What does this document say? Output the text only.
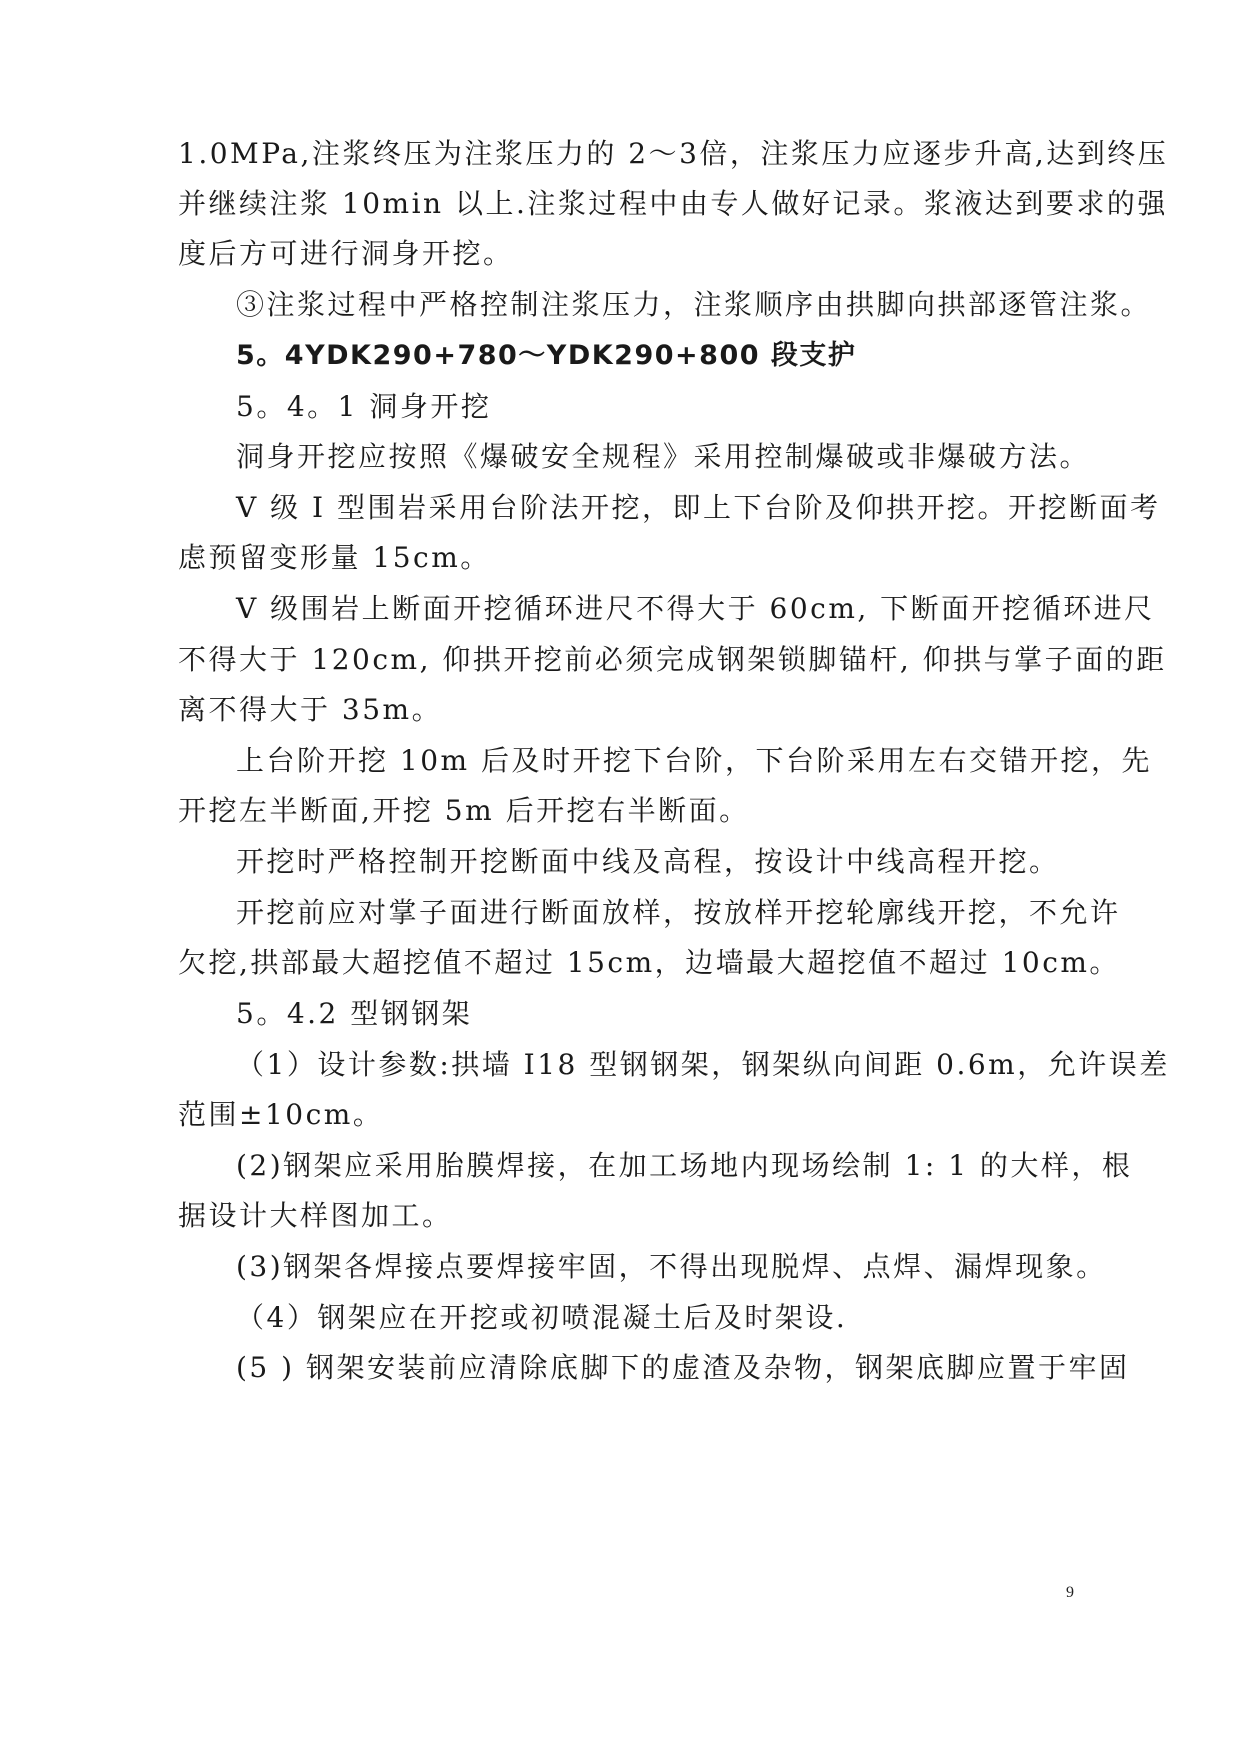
1.0MPa,注浆终压为注浆压力的 2～3倍，注浆压力应逐步升高,达到终压
并继续注浆 10min 以上.注浆过程中由专人做好记录。浆液达到要求的强
度后方可进行洞身开挖。
③注浆过程中严格控制注浆压力，注浆顺序由拱脚向拱部逐管注浆。
5。4YDK290+780～YDK290+800 段支护
5。4。1 洞身开挖
洞身开挖应按照《爆破安全规程》采用控制爆破或非爆破方法。
V 级 I 型围岩采用台阶法开挖，即上下台阶及仰拱开挖。开挖断面考
虑预留变形量 15cm。
V 级围岩上断面开挖循环进尺不得大于 60cm, 下断面开挖循环进尺
不得大于 120cm, 仰拱开挖前必须完成钢架锁脚锚杆, 仰拱与掌子面的距
离不得大于 35m。
上台阶开挖 10m 后及时开挖下台阶，下台阶采用左右交错开挖，先
开挖左半断面,开挖 5m 后开挖右半断面。
开挖时严格控制开挖断面中线及高程，按设计中线高程开挖。
开挖前应对掌子面进行断面放样，按放样开挖轮廓线开挖，不允许
欠挖,拱部最大超挖值不超过 15cm，边墙最大超挖值不超过 10cm。
5。4.2 型钢钢架
（1）设计参数:拱墙 I18 型钢钢架，钢架纵向间距 0.6m，允许误差
范围±10cm。
(2)钢架应采用胎膜焊接，在加工场地内现场绘制 1: 1 的大样，根
据设计大样图加工。
(3)钢架各焊接点要焊接牢固，不得出现脱焊、点焊、漏焊现象。
（4）钢架应在开挖或初喷混凝土后及时架设.
(5 ) 钢架安装前应清除底脚下的虚渣及杂物，钢架底脚应置于牢固
9
